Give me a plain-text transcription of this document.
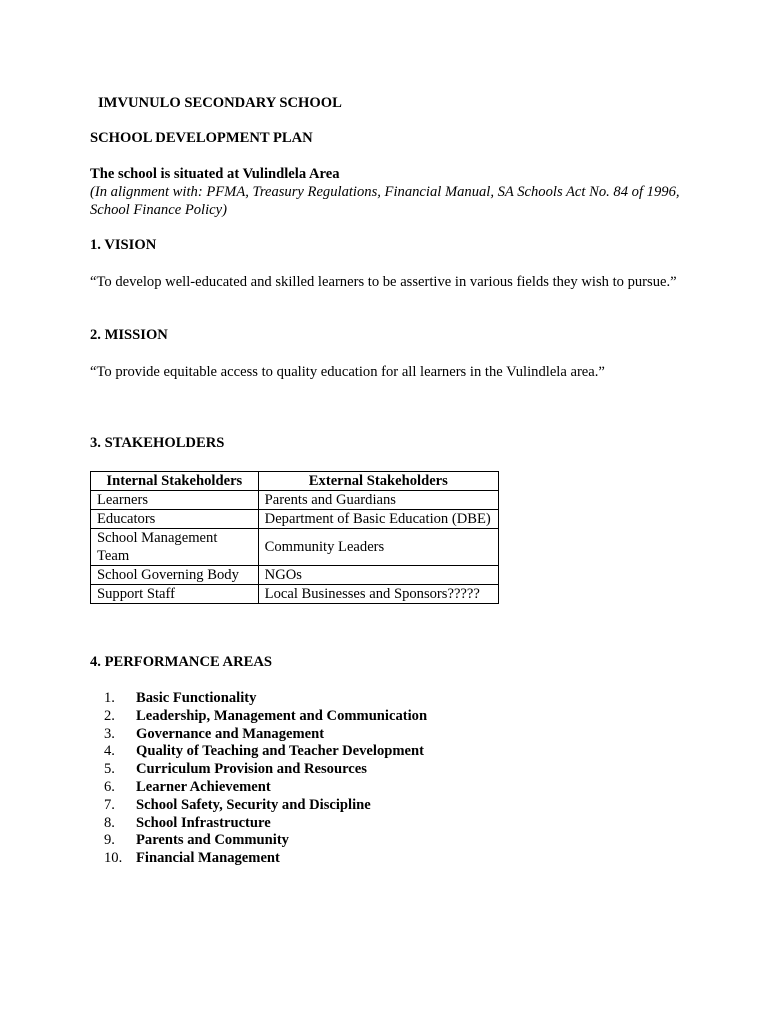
IMVUNULO SECONDARY SCHOOL

SCHOOL DEVELOPMENT PLAN

The school is situated at Vulindlela Area

(In alignment with: PFMA, Treasury Regulations, Financial Manual, SA Schools Act No. 84 of 1996, School Finance Policy)

1. VISION

“To develop well-educated and skilled learners to be assertive in various fields they wish to pursue.”

2. MISSION

“To provide equitable access to quality education for all learners in the Vulindlela area.”

3. STAKEHOLDERS

Internal Stakeholders	External Stakeholders
Learners	Parents and Guardians
Educators	Department of Basic Education (DBE)
School Management Team	Community Leaders
School Governing Body	NGOs
Support Staff	Local Businesses and Sponsors?????

4. PERFORMANCE AREAS

1. Basic Functionality
2. Leadership, Management and Communication
3. Governance and Management
4. Quality of Teaching and Teacher Development
5. Curriculum Provision and Resources
6. Learner Achievement
7. School Safety, Security and Discipline
8. School Infrastructure
9. Parents and Community
10. Financial Management
